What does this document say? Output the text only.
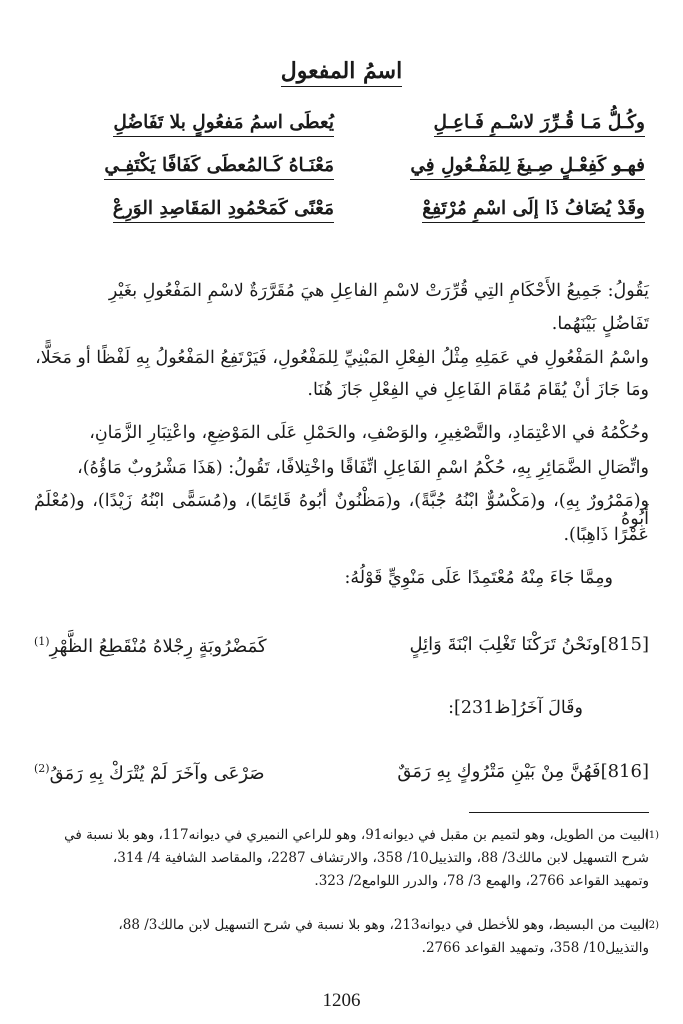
اسمُ المفعول
وكُـلُّ مَـا قُـرِّرَ لاسْـمِ فَـاعِـلِ
يُعطَى اسمُ مَفعُولٍ بلا تَفَاضُلِ
فهـو كَفِعْـلٍ صِـيغَ لِلمَفْـعُولِ فِي
مَعْنَـاهُ كَـالمُعطَى كَفَافًا يَكْتَفِـي
وقَدْ يُضَافُ ذَا إلَى اسْمِ مُرْتَفِعْ
مَعْنًى كَمَحْمُودِ المَقَاصِدِ الوَرِعْ
يَقُولُ: جَمِيعُ الأَحْكَامِ التِي قُرِّرَتْ لاسْمِ الفاعِلِ هيَ مُقَرَّرَةٌ لاسْمِ المَفْعُولِ بغَيْرِ
تَفَاضُلٍ بَيْنَهُما.
واسْمُ المَفْعُولِ في عَمَلِهِ مِثْلُ الفِعْلِ المَبْنِيِّ لِلمَفْعُولِ، فَيَرْتَفِعُ المَفْعُولُ بِهِ لَفْظًا أو مَحَلًّا،
ومَا جَازَ أنْ يُقَامَ مُقَامَ الفَاعِلِ في الفِعْلِ جَازَ هُنَا.
وحُكْمُهُ في الاعْتِمَادِ، والتَّصْغِيرِ، والوَصْفِ، والحَمْلِ عَلَى المَوْضِعِ، واعْتِبَارِ الزَّمَانِ،
واتِّصَالِ الضَّمَائِرِ بِهِ، حُكْمُ اسْمِ الفَاعِلِ اتِّفَاقًا واخْتِلافًا، تَقُولُ: (هَذَا مَشْرُوبٌ مَاؤُهُ)،
و(مَمْرُورٌ بِهِ)، و(مَكْسُوٌّ ابْنُهُ جُبَّةً)، و(مَظْنُونٌ أبُوهُ قَائِمًا)، و(مُسَمًّى ابْنُهُ زَيْدًا)، و(مُعْلَمٌ أَبُوهُ
عَمْرًا ذَاهِبًا).
ومِمَّا جَاءَ مِنْهُ مُعْتَمِدًا عَلَى مَنْوِيٍّ قَوْلُهُ:
[815]ونَحْنُ تَرَكْنَا تَغْلِبَ ابْنَةَ وَائِلٍ
كَمَضْرُوبَةٍ رِجْلاهُ مُنْقَطِعُ الظَّهْرِ$^{(1)}$
وقَالَ آخَرُ[ظ231]:
[816]فَهُنَّ مِنْ بَيْنِ مَتْرُوكٍ بِهِ رَمَقٌ
صَرْعَى وآخَرَ لَمْ يُتْرَكْ بِهِ رَمَقُ$^{(2)}$
(1)
البيت من الطويل، وهو لتميم بن مقبل في ديوانه91، وهو للراعي النميري في ديوانه117، وهو بلا نسبة في
شرح التسهيل لابن مالك3/ 88، والتذييل10/ 358، والارتشاف 2287، والمقاصد الشافية 4/ 314،
وتمهيد القواعد 2766، والهمع 3/ 78، والدرر اللوامع2/ 323.
(2)
البيت من البسيط، وهو للأخطل في ديوانه213، وهو بلا نسبة في شرح التسهيل لابن مالك3/ 88،
والتذييل10/ 358، وتمهيد القواعد 2766.
1206
